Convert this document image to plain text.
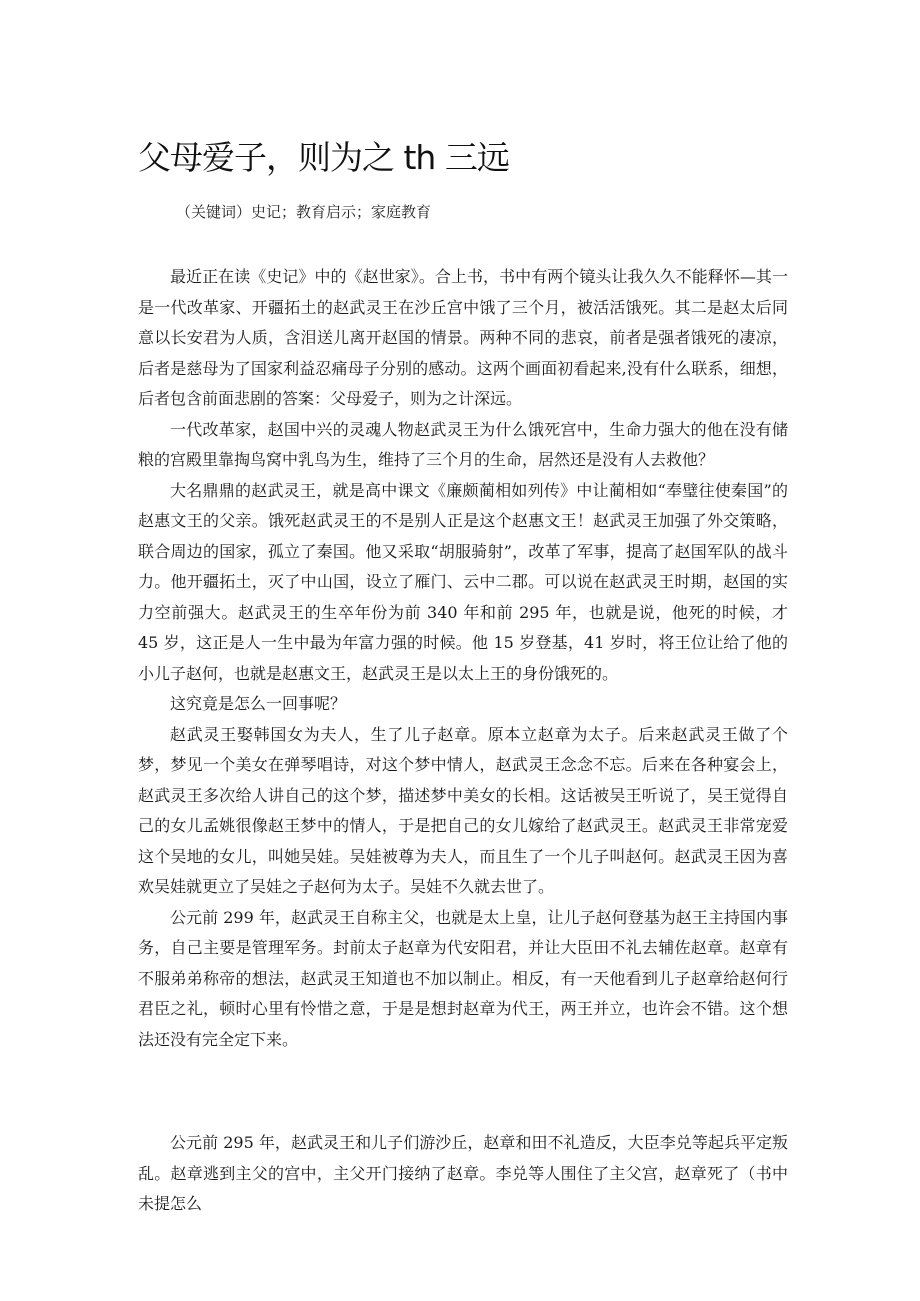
父母爱子，则为之 th 三远
（关键词）史记；教育启示；家庭教育

最近正在读《史记》中的《赵世家》。合上书，书中有两个镜头让我久久不能释怀—其一是一代改革家、开疆拓土的赵武灵王在沙丘宫中饿了三个月，被活活饿死。其二是赵太后同意以长安君为人质，含泪送儿离开赵国的情景。两种不同的悲哀，前者是强者饿死的凄凉，后者是慈母为了国家利益忍痛母子分别的感动。这两个画面初看起来,没有什么联系，细想，后者包含前面悲剧的答案：父母爱子，则为之计深远。

一代改革家，赵国中兴的灵魂人物赵武灵王为什么饿死宫中，生命力强大的他在没有储粮的宫殿里靠掏鸟窝中乳鸟为生，维持了三个月的生命，居然还是没有人去救他？

大名鼎鼎的赵武灵王，就是高中课文《廉颇蔺相如列传》中让蔺相如“奉璧往使秦国”的赵惠文王的父亲。饿死赵武灵王的不是别人正是这个赵惠文王！赵武灵王加强了外交策略，联合周边的国家，孤立了秦国。他又采取“胡服骑射”，改革了军事，提高了赵国军队的战斗力。他开疆拓土，灭了中山国，设立了雁门、云中二郡。可以说在赵武灵王时期，赵国的实力空前强大。赵武灵王的生卒年份为前 340 年和前 295 年，也就是说，他死的时候，才 45 岁，这正是人一生中最为年富力强的时候。他 15 岁登基，41 岁时，将王位让给了他的小儿子赵何，也就是赵惠文王，赵武灵王是以太上王的身份饿死的。

这究竟是怎么一回事呢？

赵武灵王娶韩国女为夫人，生了儿子赵章。原本立赵章为太子。后来赵武灵王做了个梦，梦见一个美女在弹琴唱诗，对这个梦中情人，赵武灵王念念不忘。后来在各种宴会上，赵武灵王多次给人讲自己的这个梦，描述梦中美女的长相。这话被吴王听说了，吴王觉得自己的女儿孟姚很像赵王梦中的情人，于是把自己的女儿嫁给了赵武灵王。赵武灵王非常宠爱这个吴地的女儿，叫她吴娃。吴娃被尊为夫人，而且生了一个儿子叫赵何。赵武灵王因为喜欢吴娃就更立了吴娃之子赵何为太子。吴娃不久就去世了。

公元前 299 年，赵武灵王自称主父，也就是太上皇，让儿子赵何登基为赵王主持国内事务，自己主要是管理军务。封前太子赵章为代安阳君，并让大臣田不礼去辅佐赵章。赵章有不服弟弟称帝的想法，赵武灵王知道也不加以制止。相反，有一天他看到儿子赵章给赵何行君臣之礼，顿时心里有怜惜之意，于是是想封赵章为代王，两王并立，也许会不错。这个想法还没有完全定下来。

公元前 295 年，赵武灵王和儿子们游沙丘，赵章和田不礼造反，大臣李兑等起兵平定叛乱。赵章逃到主父的宫中，主父开门接纳了赵章。李兑等人围住了主父宫，赵章死了（书中未提怎么
